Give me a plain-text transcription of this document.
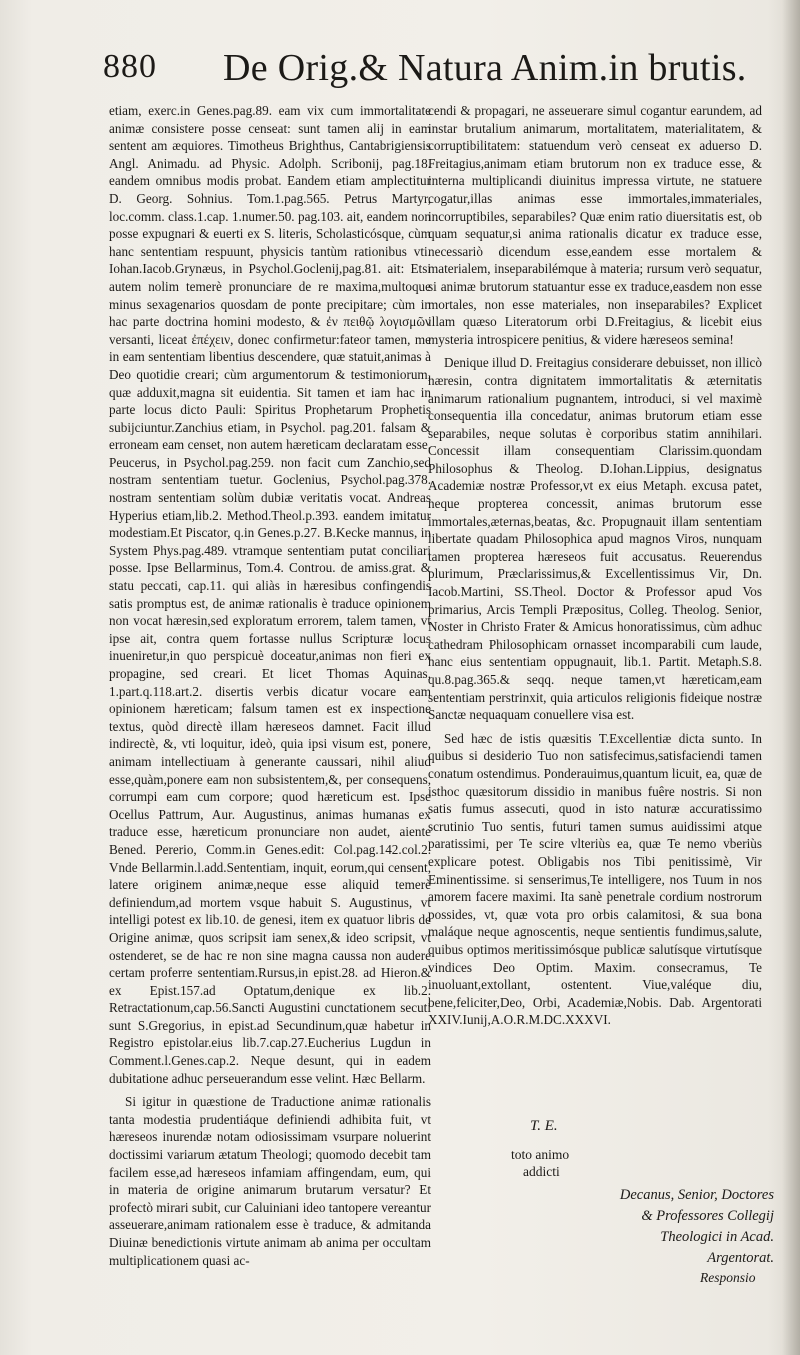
880 De Orig.& Natura Anim.in brutis.

etiam, exerc.in Genes.pag.89. eam vix cum immortalitate animæ consistere posse censeat: sunt tamen alij in eam sentent am æquiores. Timotheus Brighthus, Cantabrigiensis Angl. Animadu. ad Physic. Adolph. Scribonij, pag.18. eandem omnibus modis probat. Eandem etiam amplectitur D. Georg. Sohnius. Tom.1.pag.565. Petrus Martyr, loc.comm. class.1.cap. 1.numer.50. pag.103. ait, eandem non posse expugnari & euerti ex S. literis, Scholasticósque, cùm hanc sententiam respuunt, physicis tantùm rationibus vti. Iohan.Iacob.Grynæus, in Psychol.Goclenij,pag.81. ait: Etsi autem nolim temerè pronunciare de re maxima,multoque minus sexagenarios quosdam de ponte precipitare; cùm in hac parte doctrina homini modesto, & ἐν πειθῷ λογισμῶν versanti, liceat ἐπέχειν, donec confirmetur:fateor tamen, me in eam sententiam libentius descendere, quæ statuit,animas à Deo quotidie creari; cùm argumentorum & testimoniorum, quæ adduxit,magna sit euidentia. Sit tamen et iam hac in parte locus dicto Pauli: Spiritus Prophetarum Prophetis subijciuntur.Zanchius etiam, in Psychol. pag.201. falsam & erroneam eam censet, non autem hæreticam declaratam esse. Peucerus, in Psychol.pag.259. non facit cum Zanchio,sed nostram sententiam tuetur. Goclenius, Psychol.pag.378. nostram sententiam solùm dubiæ veritatis vocat. Andreas Hyperius etiam,lib.2. Method.Theol.p.393. eandem imitatur modestiam.Et Piscator, q.in Genes.p.27. B.Kecke mannus, in System Phys.pag.489. vtramque sententiam putat conciliari posse. Ipse Bellarminus, Tom.4. Controu. de amiss.grat. & statu peccati, cap.11. qui aliàs in hæresibus confingendis satis promptus est, de animæ rationalis è traduce opinionem non vocat hæresin,sed exploratum errorem, talem tamen, vt ipse ait, contra quem fortasse nullus Scripturæ locus inueniretur,in quo perspicuè doceatur,animas non fieri ex propagine, sed creari. Et licet Thomas Aquinas, 1.part.q.118.art.2. disertis verbis dicatur vocare eam opinionem hæreticam; falsum tamen est ex inspectione textus, quòd directè illam hæreseos damnet. Facit illud indirectè, &, vti loquitur, ideò, quia ipsi visum est, ponere, animam intellectiuam à generante caussari, nihil aliud esse,quàm,ponere eam non subsistentem,&, per consequens, corrumpi eam cum corpore; quod hæreticum est. Ipse Ocellus Pattrum, Aur. Augustinus, animas humanas ex traduce esse, hæreticum pronunciare non audet, aiente Bened. Pererio, Comm.in Genes.edit: Col.pag.142.col.2. Vnde Bellarmin.l.add.Sententiam, inquit, eorum,qui censent, latere originem animæ,neque esse aliquid temerè definiendum,ad mortem vsque habuit S. Augustinus, vt intelligi potest ex lib.10. de genesi, item ex quatuor libris de Origine animæ, quos scripsit iam senex,& ideo scripsit, vt ostenderet, se de hac re non sine magna caussa non audere certam proferre sententiam.Rursus,in epist.28. ad Hieron.& ex Epist.157.ad Optatum,denique ex lib.2. Retractationum,cap.56.Sancti Augustini cunctationem secuti sunt S.Gregorius, in epist.ad Secundinum,quæ habetur in Registro epistolar.eius lib.7.cap.27.Eucherius Lugdun in Comment.l.Genes.cap.2. Neque desunt, qui in eadem dubitatione adhuc perseuerandum esse velint. Hæc Bellarm.

Si igitur in quæstione de Traductione animæ rationalis tanta modestia prudentiáque definiendi adhibita fuit, vt hæreseos inurendæ notam odiosissimam vsurpare noluerint doctissimi variarum ætatum Theologi; quomodo decebit tam facilem esse,ad hæreseos infamiam affingendam, eum, qui in materia de origine animarum brutarum versatur? Et profectò mirari subit, cur Caluiniani ideo tantopere vereantur asseuerare,animam rationalem esse è traduce, & admitanda Diuinæ benedictionis virtute animam ab anima per occultam multiplicationem quasi ac-

cendi & propagari, ne asseuerare simul cogantur earundem, ad instar brutalium animarum, mortalitatem, materialitatem, & corruptibilitatem: statuendum verò censeat ex aduerso D. Freitagius,animam etiam brutorum non ex traduce esse, & interna multiplicandi diuinitus impressa virtute, ne statuere cogatur,illas animas esse immortales,immateriales, incorruptibiles, separabiles? Quæ enim ratio diuersitatis est, ob quam sequatur,si anima rationalis dicatur ex traduce esse, necessariò dicendum esse,eandem esse mortalem & materialem, inseparabilémque à materia; rursum verò sequatur, si animæ brutorum statuantur esse ex traduce,easdem non esse mortales, non esse materiales, non inseparabiles? Explicet illam quæso Literatorum orbi D.Freitagius, & licebit eius mysteria introspicere penitius, & videre hæreseos semina!

Denique illud D. Freitagius considerare debuisset, non illicò hæresin, contra dignitatem immortalitatis & æternitatis animarum rationalium pugnantem, introduci, si vel maximè consequentia illa concedatur, animas brutorum etiam esse separabiles, neque solutas è corporibus statim annihilari. Concessit illam consequentiam Clarissim.quondam Philosophus & Theolog. D.Iohan.Lippius, designatus Academiæ nostræ Professor,vt ex eius Metaph. excusa patet, neque propterea concessit, animas brutorum esse immortales,æternas,beatas, &c. Propugnauit illam sententiam libertate quadam Philosophica apud magnos Viros, nunquam tamen propterea hæreseos fuit accusatus. Reuerendus plurimum, Præclarissimus,& Excellentissimus Vir, Dn. Iacob.Martini, SS.Theol. Doctor & Professor apud Vos primarius, Arcis Templi Præpositus, Colleg. Theolog. Senior, Noster in Christo Frater & Amicus honoratissimus, cùm adhuc cathedram Philosophicam ornasset incomparabili cum laude, hanc eius sententiam oppugnauit, lib.1. Partit. Metaph.S.8. qu.8.pag.365.& seqq. neque tamen,vt hæreticam,eam sententiam perstrinxit, quia articulos religionis fideique nostræ Sanctæ nequaquam conuellere visa est.

Sed hæc de istis quæsitis T.Excellentiæ dicta sunto. In quibus si desiderio Tuo non satisfecimus,satisfaciendi tamen conatum ostendimus. Ponderauimus,quantum licuit, ea, quæ de isthoc quæsitorum dissidio in manibus fuêre nostris. Si non satis fumus assecuti, quod in isto naturæ accuratissimo scrutinio Tuo sentis, futuri tamen sumus auidissimi atque paratissimi, per Te scire vlteriùs ea, quæ Te nemo vberiùs explicare potest. Obligabis nos Tibi penitissimè, Vir Eminentissime. si senserimus,Te intelligere, nos Tuum in nos amorem facere maximi. Ita sanè penetrale cordium nostrorum possides, vt, quæ vota pro orbis calamitosi, & sua bona maláque neque agnoscentis, neque sentientis fundimus,salute, quibus optimos meritissimósque publicæ salutísque virtutísque vindices Deo Optim. Maxim. consecramus, Te inuoluant,extollant, ostentent. Viue,valéque diu, bene,feliciter,Deo, Orbi, Academiæ,Nobis. Dab. Argentorati XXIV.Iunij,A.O.R.M.DC.XXXVI.

T. E.
toto animo
addicti
Decanus, Senior, Doctores
& Professores Collegij
Theologici in Acad.
Argentorat.
Responsio
